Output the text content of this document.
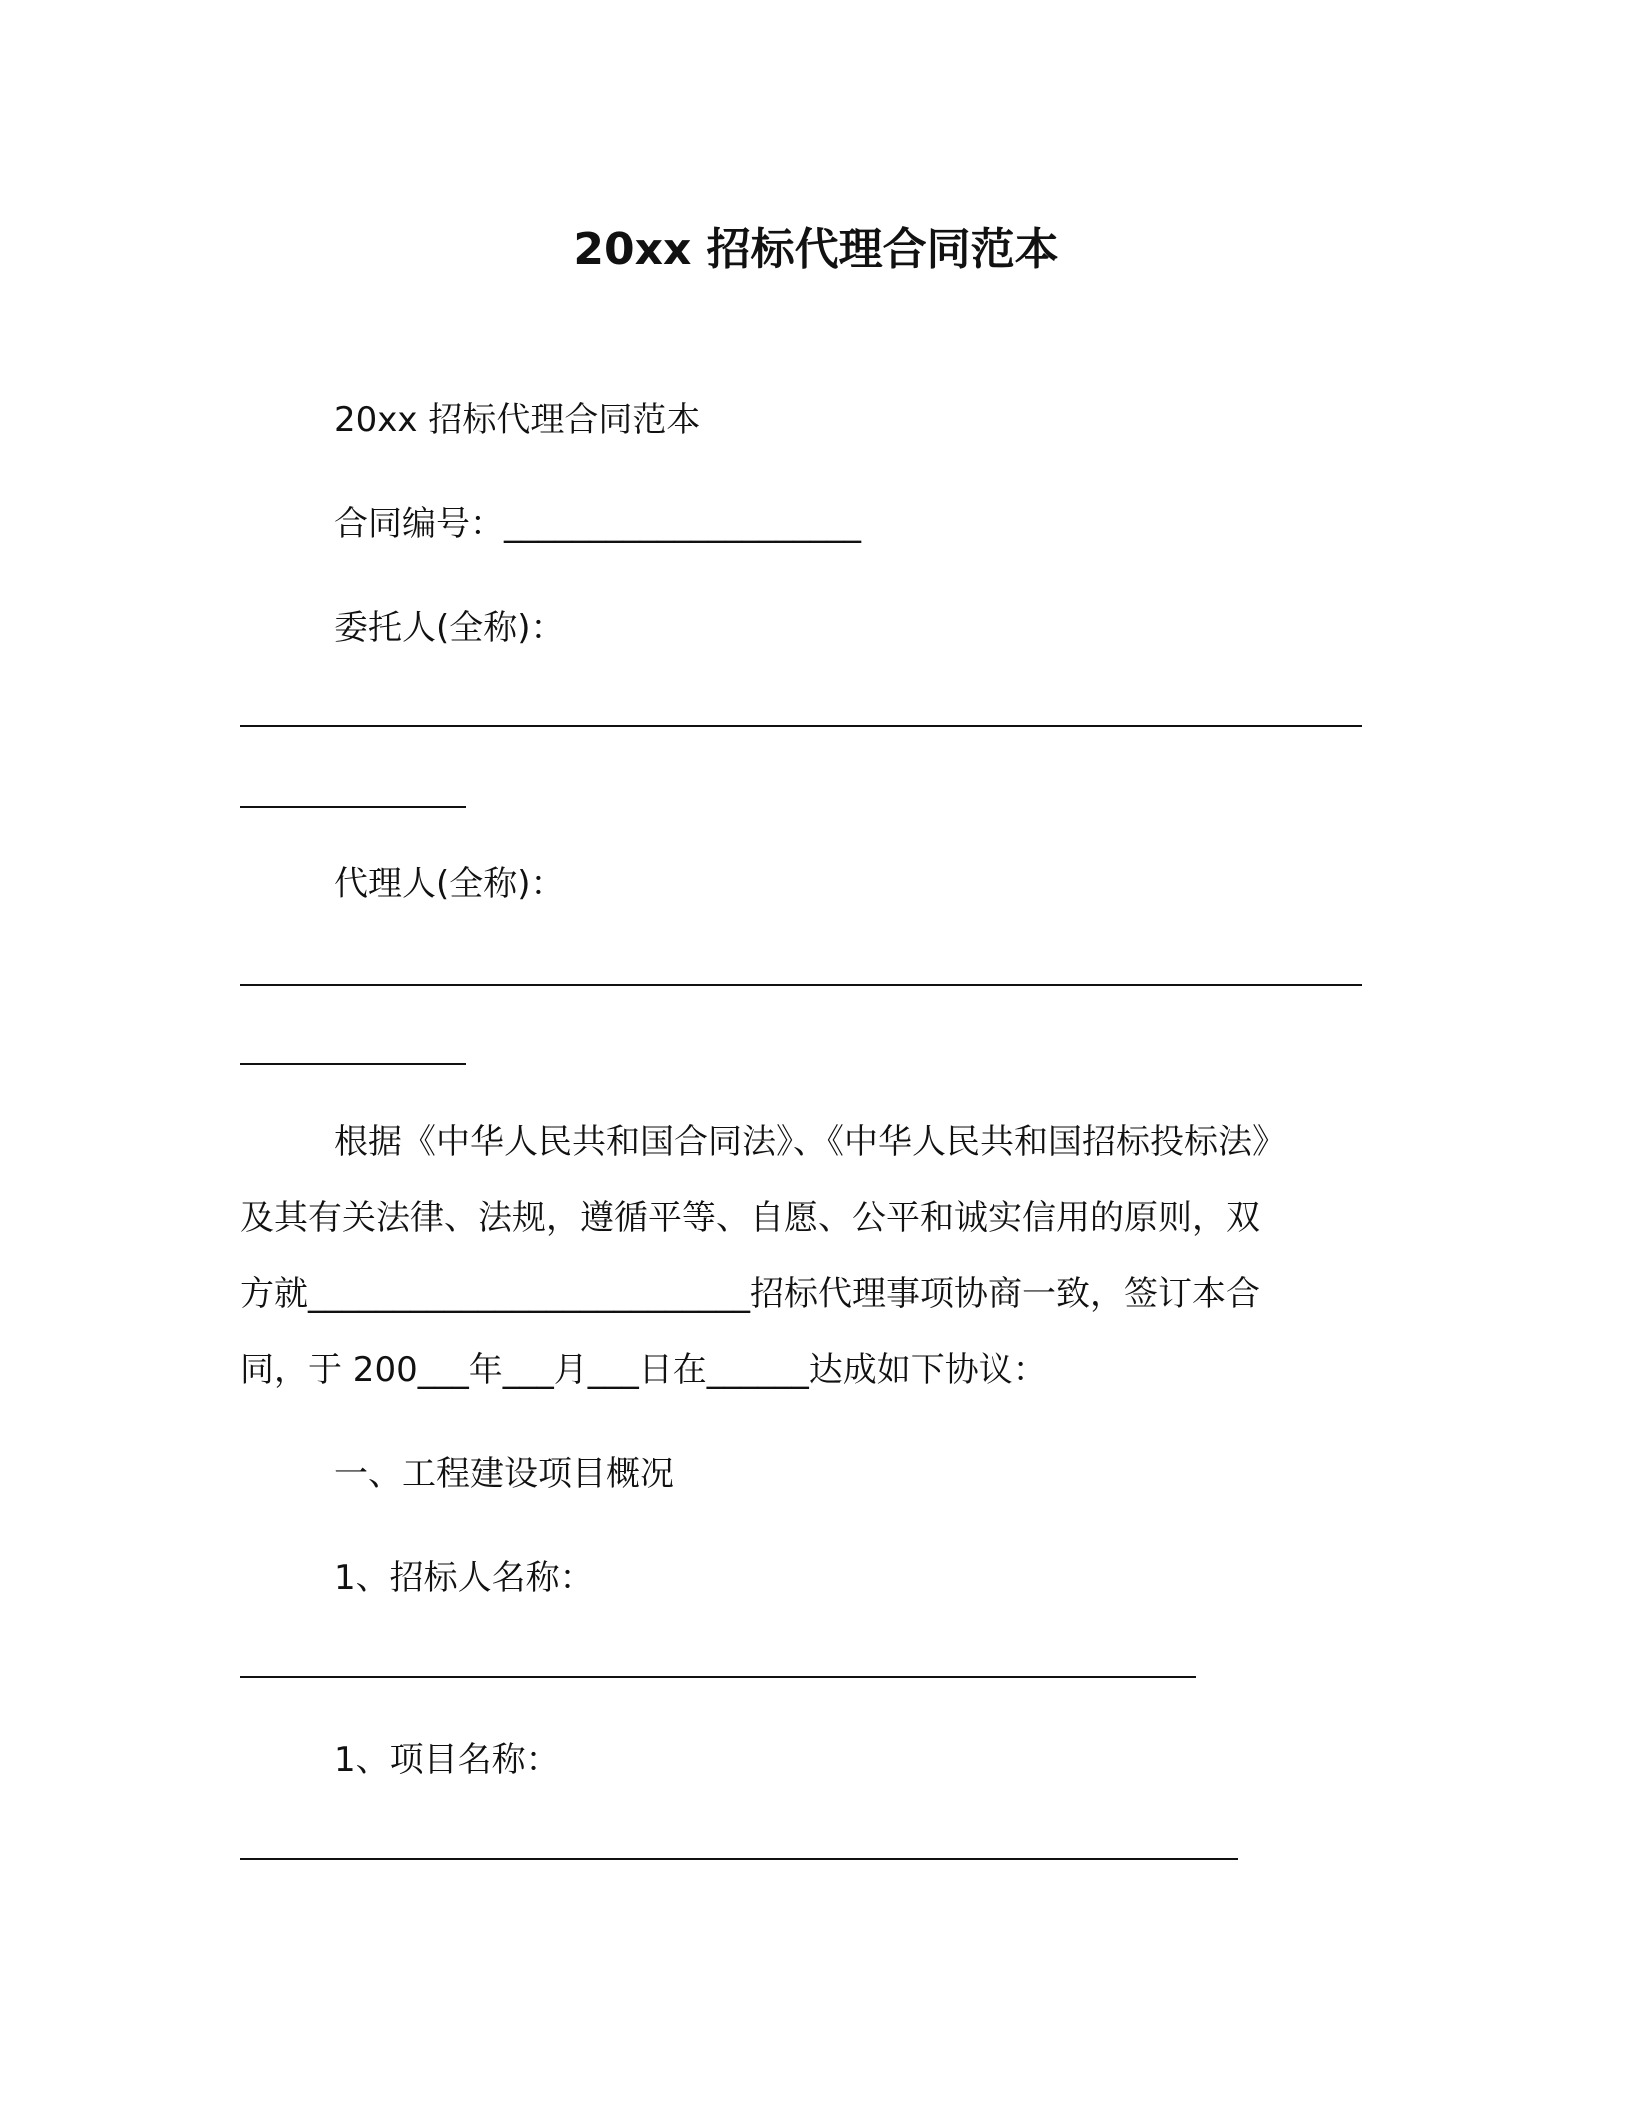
20xx 招标代理合同范本
20xx 招标代理合同范本
合同编号：_____________________
委托人(全称)：
代理人(全称)：
根据《中华人民共和国合同法》、《中华人民共和国招标投标法》
及其有关法律、法规，遵循平等、自愿、公平和诚实信用的原则，双
方就__________________________招标代理事项协商一致，签订本合
同，于 200___年___月___日在______达成如下协议：
一、工程建设项目概况
1、招标人名称：
1、项目名称：
